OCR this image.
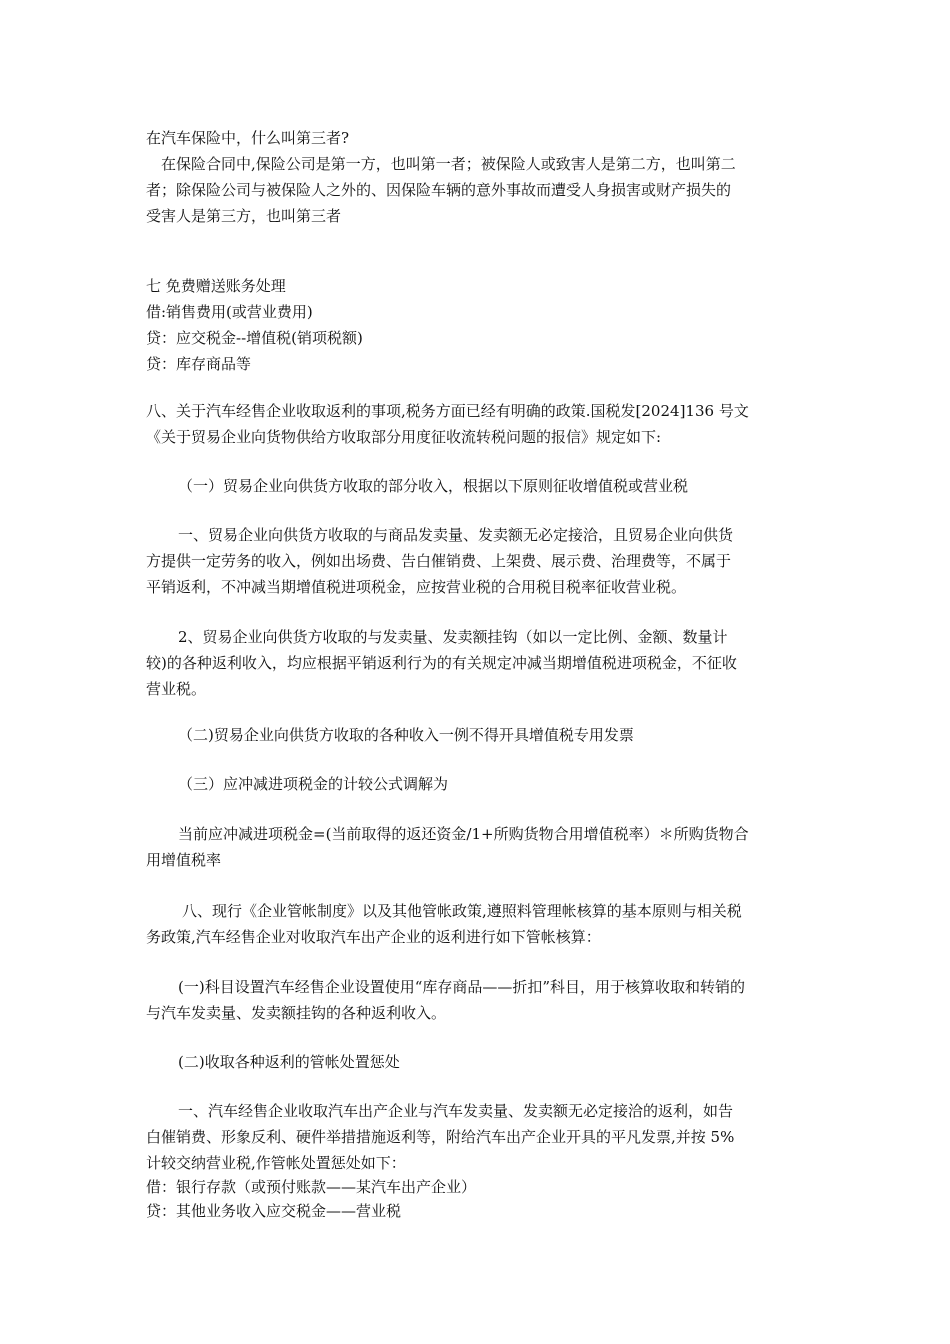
在汽车保险中，什么叫第三者?
在保险合同中,保险公司是第一方，也叫第一者；被保险人或致害人是第二方，也叫第二
者；除保险公司与被保险人之外的、因保险车辆的意外事故而遭受人身损害或财产损失的
受害人是第三方，也叫第三者
七 免费赠送账务处理
借:销售费用(或营业费用)
贷：应交税金--增值税(销项税额)
贷：库存商品等
八、关于汽车经售企业收取返利的事项,税务方面已经有明确的政策.国税发[2024]136 号文
《关于贸易企业向货物供给方收取部分用度征收流转税问题的报信》规定如下:
（一）贸易企业向供货方收取的部分收入，根据以下原则征收增值税或营业税
一、贸易企业向供货方收取的与商品发卖量、发卖额无必定接洽，且贸易企业向供货
方提供一定劳务的收入，例如出场费、告白催销费、上架费、展示费、治理费等，不属于
平销返利，不冲减当期增值税进项税金，应按营业税的合用税目税率征收营业税。
2、贸易企业向供货方收取的与发卖量、发卖额挂钩（如以一定比例、金额、数量计
较)的各种返利收入，均应根据平销返利行为的有关规定冲减当期增值税进项税金，不征收
营业税。
（二)贸易企业向供货方收取的各种收入一例不得开具增值税专用发票
（三）应冲减进项税金的计较公式调解为
当前应冲减进项税金=(当前取得的返还资金/1+所购货物合用增值税率）＊所购货物合
用增值税率
八、现行《企业管帐制度》以及其他管帐政策,遵照料管理帐核算的基本原则与相关税
务政策,汽车经售企业对收取汽车出产企业的返利进行如下管帐核算：
(一)科目设置汽车经售企业设置使用“库存商品——折扣”科目，用于核算收取和转销的
与汽车发卖量、发卖额挂钩的各种返利收入。
(二)收取各种返利的管帐处置惩处
一、汽车经售企业收取汽车出产企业与汽车发卖量、发卖额无必定接洽的返利，如告
白催销费、形象反利、硬件举措措施返利等，附给汽车出产企业开具的平凡发票,并按 5%
计较交纳营业税,作管帐处置惩处如下：
借：银行存款（或预付账款——某汽车出产企业）
贷：其他业务收入应交税金——营业税
